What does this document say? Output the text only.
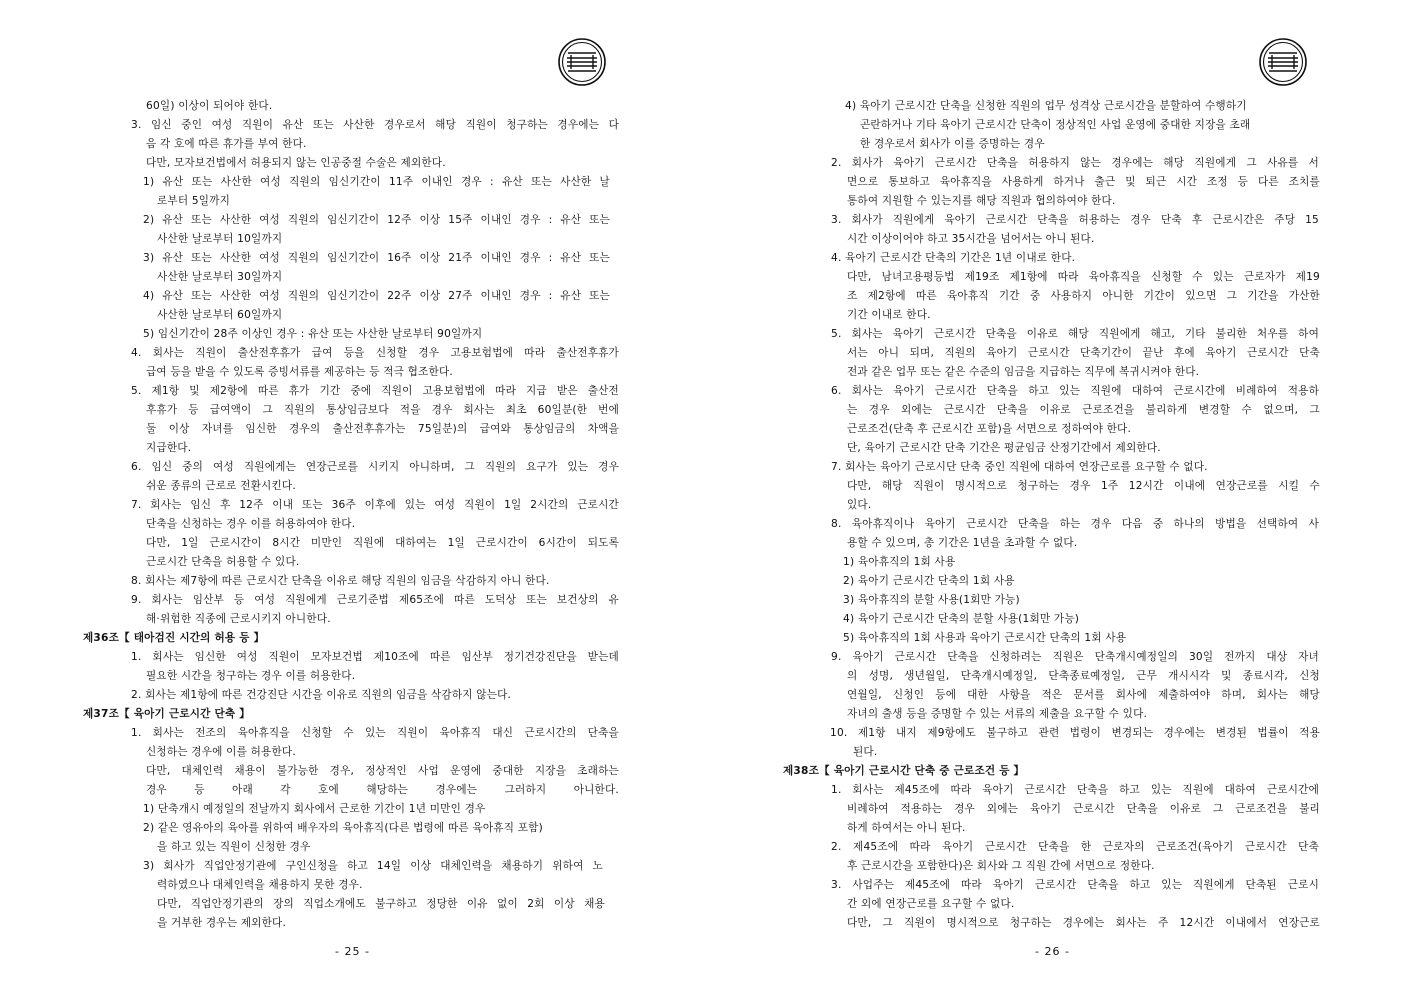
60일) 이상이 되어야 한다.
3. 임신 중인 여성 직원이 유산 또는 사산한 경우로서 해당 직원이 청구하는 경우에는 다
음 각 호에 따른 휴가를 부여 한다.
다만, 모자보건법에서 허용되지 않는 인공중절 수술은 제외한다.
1) 유산 또는 사산한 여성 직원의 임신기간이 11주 이내인 경우 : 유산 또는 사산한 날
로부터 5일까지
2) 유산 또는 사산한 여성 직원의 임신기간이 12주 이상 15주 이내인 경우 : 유산 또는
사산한 날로부터 10일까지
3) 유산 또는 사산한 여성 직원의 임신기간이 16주 이상 21주 이내인 경우 : 유산 또는
사산한 날로부터 30일까지
4) 유산 또는 사산한 여성 직원의 임신기간이 22주 이상 27주 이내인 경우 : 유산 또는
사산한 날로부터 60일까지
5) 임신기간이 28주 이상인 경우 : 유산 또는 사산한 날로부터 90일까지
4. 회사는 직원이 출산전후휴가 급여 등을 신청할 경우 고용보험법에 따라 출산전후휴가
급여 등을 받을 수 있도록 증빙서류를 제공하는 등 적극 협조한다.
5. 제1항 및 제2항에 따른 휴가 기간 중에 직원이 고용보험법에 따라 지급 받은 출산전
후휴가 등 급여액이 그 직원의 통상임금보다 적을 경우 회사는 최초 60일분(한 번에
둘 이상 자녀를 임신한 경우의 출산전후휴가는 75일분)의 급여와 통상임금의 차액을
지급한다.
6. 임신 중의 여성 직원에게는 연장근로를 시키지 아니하며, 그 직원의 요구가 있는 경우
쉬운 종류의 근로로 전환시킨다.
7. 회사는 임신 후 12주 이내 또는 36주 이후에 있는 여성 직원이 1일 2시간의 근로시간
단축을 신청하는 경우 이를 허용하여야 한다.
다만, 1일 근로시간이 8시간 미만인 직원에 대하여는 1일 근로시간이 6시간이 되도록
근로시간 단축을 허용할 수 있다.
8. 회사는 제7항에 따른 근로시간 단축을 이유로 해당 직원의 임금을 삭감하지 아니 한다.
9. 회사는 임산부 등 여성 직원에게 근로기준법 제65조에 따른 도덕상 또는 보건상의 유
해·위험한 직종에 근로시키지 아니한다.
제36조【 태아검진 시간의 허용 등 】
1. 회사는 임신한 여성 직원이 모자보건법 제10조에 따른 임산부 정기건강진단을 받는데
필요한 시간을 청구하는 경우 이를 허용한다.
2. 회사는 제1항에 따른 건강진단 시간을 이유로 직원의 임금을 삭감하지 않는다.
제37조【 육아기 근로시간 단축 】
1. 회사는 전조의 육아휴직을 신청할 수 있는 직원이 육아휴직 대신 근로시간의 단축을
신청하는 경우에 이를 허용한다.
다만, 대체인력 채용이 불가능한 경우, 정상적인 사업 운영에 중대한 지장을 초래하는
경우 등 아래 각 호에 해당하는 경우에는 그러하지 아니한다.
1) 단축개시 예정일의 전날까지 회사에서 근로한 기간이 1년 미만인 경우
2) 같은 영유아의 육아를 위하여 배우자의 육아휴직(다른 법령에 따른 육아휴직 포함)
을 하고 있는 직원이 신청한 경우
3) 회사가 직업안정기관에 구인신청을 하고 14일 이상 대체인력을 채용하기 위하여 노
력하였으나 대체인력을 채용하지 못한 경우.
다만, 직업안정기관의 장의 직업소개에도 불구하고 정당한 이유 없이 2회 이상 채용
을 거부한 경우는 제외한다.
- 25 -
4) 육아기 근로시간 단축을 신청한 직원의 업무 성격상 근로시간을 분할하여 수행하기
곤란하거나 기타 육아기 근로시간 단축이 정상적인 사업 운영에 중대한 지장을 초래
한 경우로서 회사가 이를 증명하는 경우
2. 회사가 육아기 근로시간 단축을 허용하지 않는 경우에는 해당 직원에게 그 사유를 서
면으로 통보하고 육아휴직을 사용하게 하거나 출근 및 퇴근 시간 조정 등 다른 조치를
통하여 지원할 수 있는지를 해당 직원과 협의하여야 한다.
3. 회사가 직원에게 육아기 근로시간 단축을 허용하는 경우 단축 후 근로시간은 주당 15
시간 이상이어야 하고 35시간을 넘어서는 아니 된다.
4. 육아기 근로시간 단축의 기간은 1년 이내로 한다.
다만, 남녀고용평등법 제19조 제1항에 따라 육아휴직을 신청할 수 있는 근로자가 제19
조 제2항에 따른 육아휴직 기간 중 사용하지 아니한 기간이 있으면 그 기간을 가산한
기간 이내로 한다.
5. 회사는 육아기 근로시간 단축을 이유로 해당 직원에게 해고, 기타 불리한 처우를 하여
서는 아니 되며, 직원의 육아기 근로시간 단축기간이 끝난 후에 육아기 근로시간 단축
전과 같은 업무 또는 같은 수준의 임금을 지급하는 직무에 복귀시켜야 한다.
6. 회사는 육아기 근로시간 단축을 하고 있는 직원에 대하여 근로시간에 비례하여 적용하
는 경우 외에는 근로시간 단축을 이유로 근로조건을 불리하게 변경할 수 없으며, 그
근로조건(단축 후 근로시간 포함)을 서면으로 정하여야 한다.
단, 육아기 근로시간 단축 기간은 평균임금 산정기간에서 제외한다.
7. 회사는 육아기 근로시단 단축 중인 직원에 대하여 연장근로를 요구할 수 없다.
다만, 해당 직원이 명시적으로 청구하는 경우 1주 12시간 이내에 연장근로를 시킬 수
있다.
8. 육아휴직이나 육아기 근로시간 단축을 하는 경우 다음 중 하나의 방법을 선택하여 사
용할 수 있으며, 총 기간은 1년을 초과할 수 없다.
1) 육아휴직의 1회 사용
2) 육아기 근로시간 단축의 1회 사용
3) 육아휴직의 분할 사용(1회만 가능)
4) 육아기 근로시간 단축의 분할 사용(1회만 가능)
5) 육아휴직의 1회 사용과 육아기 근로시간 단축의 1회 사용
9. 육아기 근로시간 단축을 신청하려는 직원은 단축개시예정일의 30일 전까지 대상 자녀
의 성명, 생년월일, 단축개시예정일, 단축종료예정일, 근무 개시시각 및 종료시각, 신청
연월일, 신청인 등에 대한 사항을 적은 문서를 회사에 제출하여야 하며, 회사는 해당
자녀의 출생 등을 증명할 수 있는 서류의 제출을 요구할 수 있다.
10. 제1항 내지 제9항에도 불구하고 관련 법령이 변경되는 경우에는 변경된 법률이 적용
된다.
제38조【 육아기 근로시간 단축 중 근로조건 등 】
1. 회사는 제45조에 따라 육아기 근로시간 단축을 하고 있는 직원에 대하여 근로시간에
비례하여 적용하는 경우 외에는 육아기 근로시간 단축을 이유로 그 근로조건을 불리
하게 하여서는 아니 된다.
2. 제45조에 따라 육아기 근로시간 단축을 한 근로자의 근로조건(육아기 근로시간 단축
후 근로시간을 포함한다)은 회사와 그 직원 간에 서면으로 정한다.
3. 사업주는 제45조에 따라 육아기 근로시간 단축을 하고 있는 직원에게 단축된 근로시
간 외에 연장근로를 요구할 수 없다.
다만, 그 직원이 명시적으로 청구하는 경우에는 회사는 주 12시간 이내에서 연장근로
- 26 -
